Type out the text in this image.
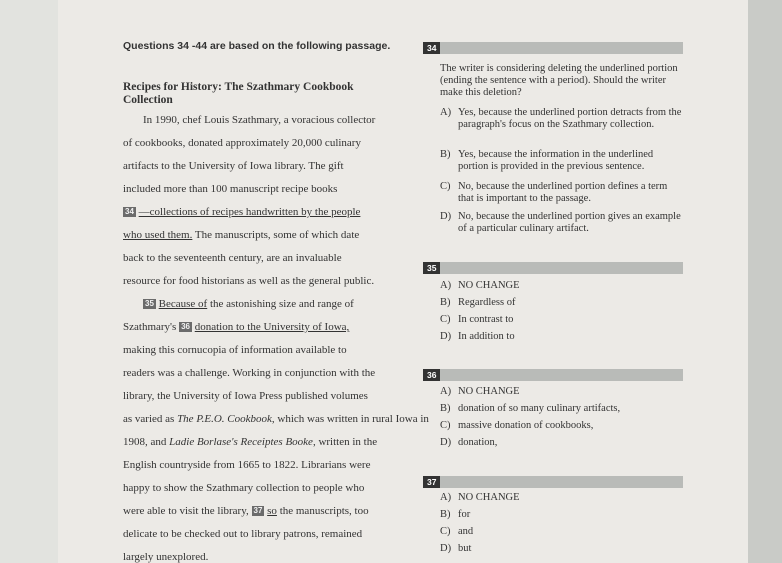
Questions 34 -44 are based on the following passage.
Recipes for History: The Szathmary Cookbook
Collection
In 1990, chef Louis Szathmary, a voracious collector
of cookbooks, donated approximately 20,000 culinary
artifacts to the University of Iowa library. The gift
included more than 100 manuscript recipe books
34 —collections of recipes handwritten by the people
who used them. The manuscripts, some of which date
back to the seventeenth century, are an invaluable
resource for food historians as well as the general public.
35 Because of the astonishing size and range of
Szathmary's 36 donation to the University of Iowa,
making this cornucopia of information available to
readers was a challenge. Working in conjunction with the
library, the University of Iowa Press published volumes
as varied as The P.E.O. Cookbook, which was written in rural Iowa in
1908, and Ladie Borlase's Receiptes Booke, written in the
English countryside from 1665 to 1822. Librarians were
happy to show the Szathmary collection to people who
were able to visit the library, 37 so the manuscripts, too
delicate to be checked out to library patrons, remained
largely unexplored.
34
The writer is considering deleting the underlined portion (ending the sentence with a period). Should the writer make this deletion?
A) Yes, because the underlined portion detracts from the paragraph's focus on the Szathmary collection.
B) Yes, because the information in the underlined portion is provided in the previous sentence.
C) No, because the underlined portion defines a term that is important to the passage.
D) No, because the underlined portion gives an example of a particular culinary artifact.
35
A) NO CHANGE
B) Regardless of
C) In contrast to
D) In addition to
36
A) NO CHANGE
B) donation of so many culinary artifacts,
C) massive donation of cookbooks,
D) donation,
37
A) NO CHANGE
B) for
C) and
D) but
